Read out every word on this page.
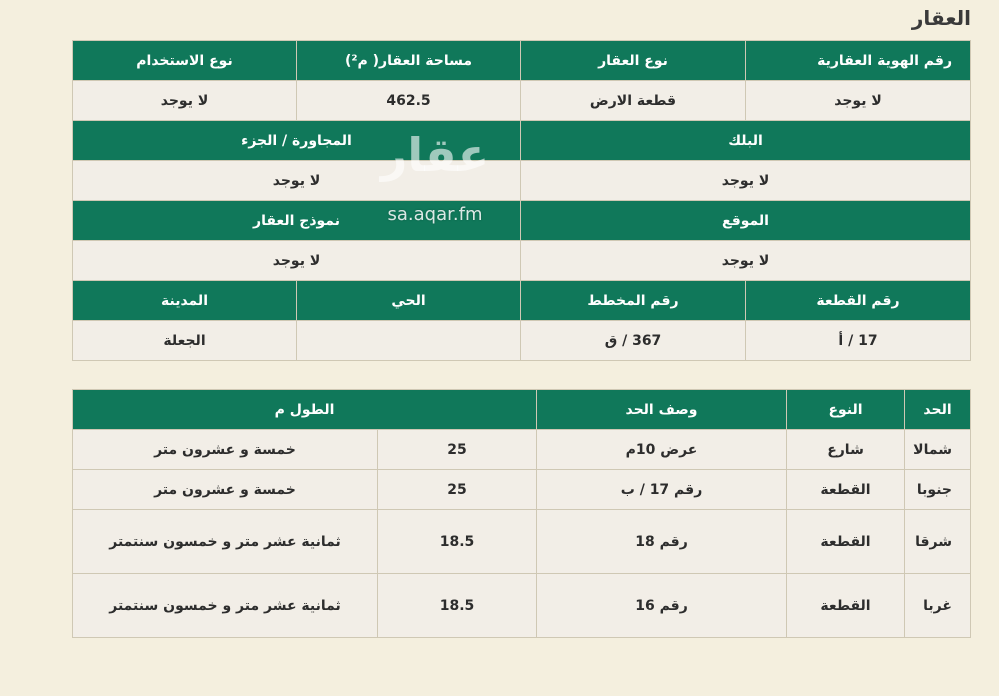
العقار
رقم الهوية العقارية	نوع العقار	مساحة العقار( م²)	نوع الاستخدام
لا يوجد	قطعة الارض	462.5	لا يوجد
البلك		المجاورة / الجزء	
لا يوجد		لا يوجد	
الموقع		نموذج العقار	
لا يوجد		لا يوجد	
رقم القطعة	رقم المخطط	الحي	المدينة
17 / أ	367 / ق		الجعلة
الحد	النوع	وصف الحد	الطول م	
شمالا	شارع	عرض 10م	25	خمسة و عشرون متر
جنوبا	القطعة	رقم 17 / ب	25	خمسة و عشرون متر
شرقا	القطعة	رقم 18	18.5	ثمانية عشر متر و خمسون سنتمتر
غربا	القطعة	رقم 16	18.5	ثمانية عشر متر و خمسون سنتمتر
عقار
sa.aqar.fm
